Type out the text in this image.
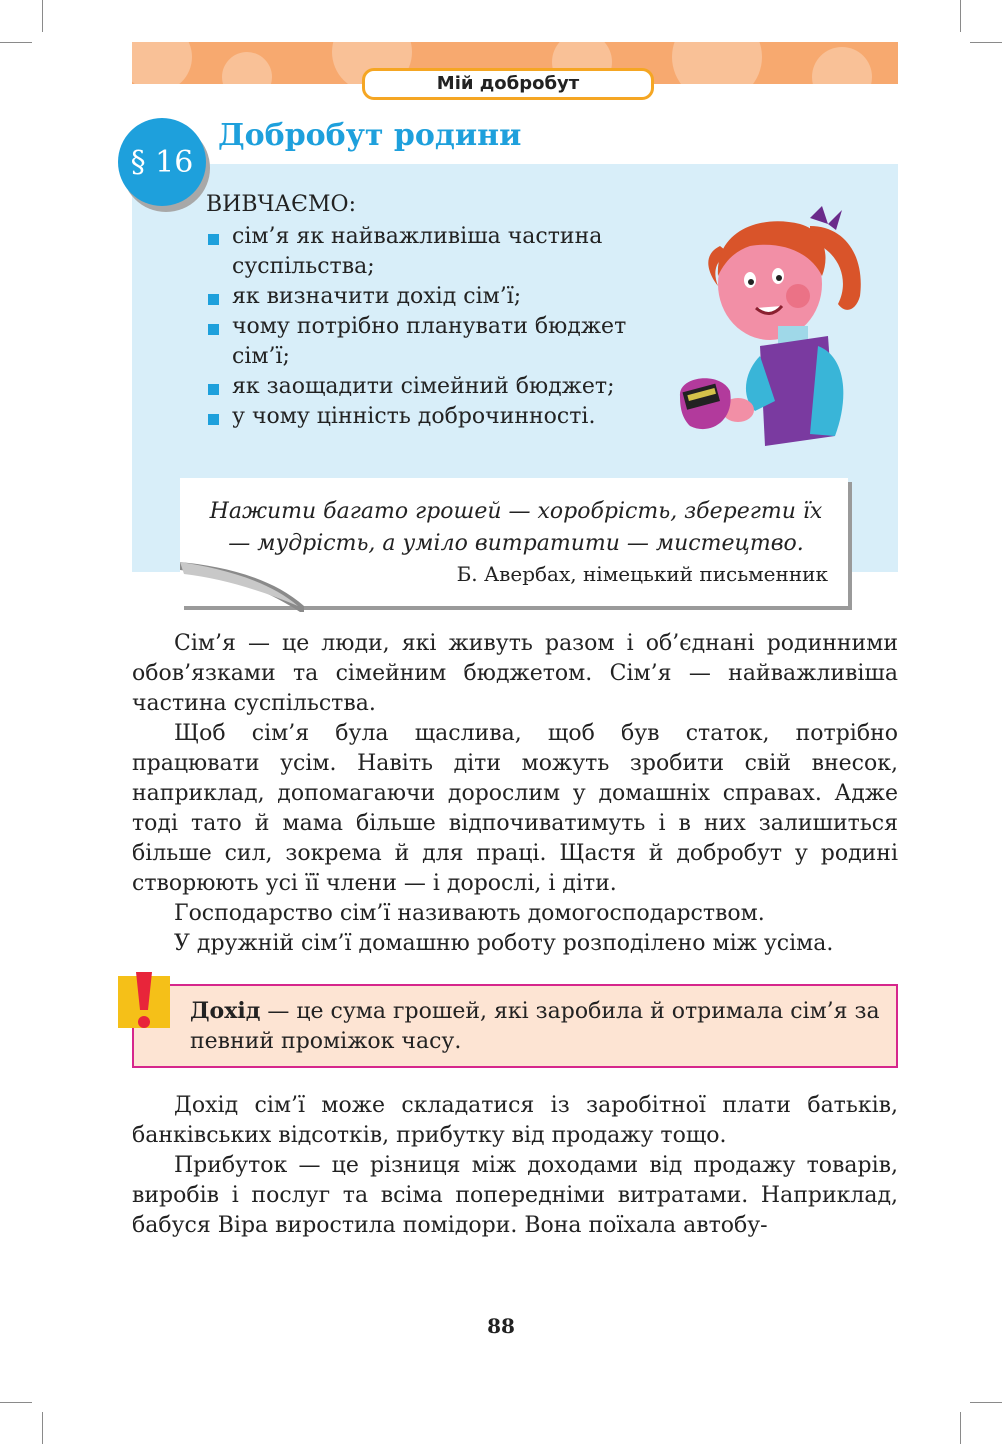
Мій добробут
§ 16
Добробут родини
ВИВЧАЄМО:
сім’я як найважливіша частина суспільства;
як визначити дохід сім’ї;
чому потрібно планувати бюджет сім’ї;
як заощадити сімейний бюджет;
у чому цінність доброчинності.
Нажити багато грошей — хоробрість, зберегти їх — мудрість, а уміло витратити — мистецтво.
Б. Авербах, німецький письменник

Сім’я — це люди, які живуть разом і об’єднані родинними обов’язками та сімейним бюджетом. Сім’я — найважливіша частина суспільства.

Щоб сім’я була щаслива, щоб був статок, потрібно працювати усім. Навіть діти можуть зробити свій внесок, наприклад, допомагаючи дорослим у домашніх справах. Адже тоді тато й мама більше відпочиватимуть і в них залишиться більше сил, зокрема й для праці. Щастя й добробут у родині створюють усі її члени — і дорослі, і діти.

Господарство сім’ї називають домогосподарством.

У дружній сім’ї домашню роботу розподілено між усіма.

Дохід — це сума грошей, які заробила й отримала сім’я за певний проміжок часу.

Дохід сім’ї може складатися із заробітної плати батьків, банківських відсотків, прибутку від продажу тощо.

Прибуток — це різниця між доходами від продажу товарів, виробів і послуг та всіма попередніми витратами. Наприклад, бабуся Віра виростила помідори. Вона поїхала автобу-

88
